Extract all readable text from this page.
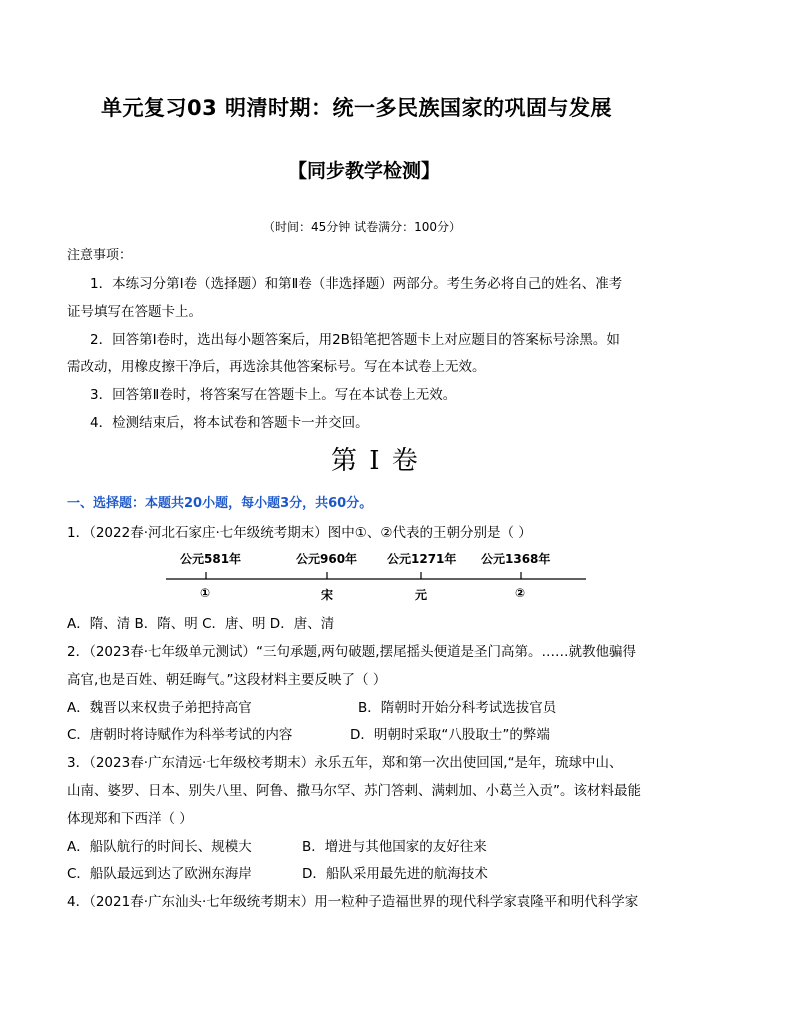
单元复习03 明清时期：统一多民族国家的巩固与发展
【同步教学检测】
（时间：45分钟 试卷满分：100分）
注意事项：
1．本练习分第Ⅰ卷（选择题）和第Ⅱ卷（非选择题）两部分。考生务必将自己的姓名、准考
证号填写在答题卡上。
2．回答第Ⅰ卷时，选出每小题答案后，用2B铅笔把答题卡上对应题目的答案标号涂黑。如
需改动，用橡皮擦干净后，再选涂其他答案标号。写在本试卷上无效。
3．回答第Ⅱ卷时，将答案写在答题卡上。写在本试卷上无效。
4．检测结束后，将本试卷和答题卡一并交回。
第 I 卷
一、选择题：本题共20小题，每小题3分，共60分。
1．（2022春·河北石家庄·七年级统考期末）图中①、②代表的王朝分别是（ ）
公元581年	公元960年 公元1271年 公元1368年
①	宋	元	②
A．隋、清 B．隋、明 C．唐、明 D．唐、清
2．（2023春·七年级单元测试）“三句承题,两句破题,摆尾摇头便道是圣门高第。……就教他骗得
高官,也是百姓、朝廷晦气。”这段材料主要反映了（ ）
A．魏晋以来权贵子弟把持高官	B．隋朝时开始分科考试选拔官员
C．唐朝时将诗赋作为科举考试的内容	D．明朝时采取“八股取士”的弊端
3．（2023春·广东清远·七年级校考期末）永乐五年，郑和第一次出使回国,“是年，琉球中山、
山南、婆罗、日本、别失八里、阿鲁、撒马尔罕、苏门答剌、满剌加、小葛兰入贡”。该材料最能
体现郑和下西洋（ ）
A．船队航行的时间长、规模大	B．增进与其他国家的友好往来
C．船队最远到达了欧洲东海岸	D．船队采用最先进的航海技术
4．（2021春·广东汕头·七年级统考期末）用一粒种子造福世界的现代科学家袁隆平和明代科学家
